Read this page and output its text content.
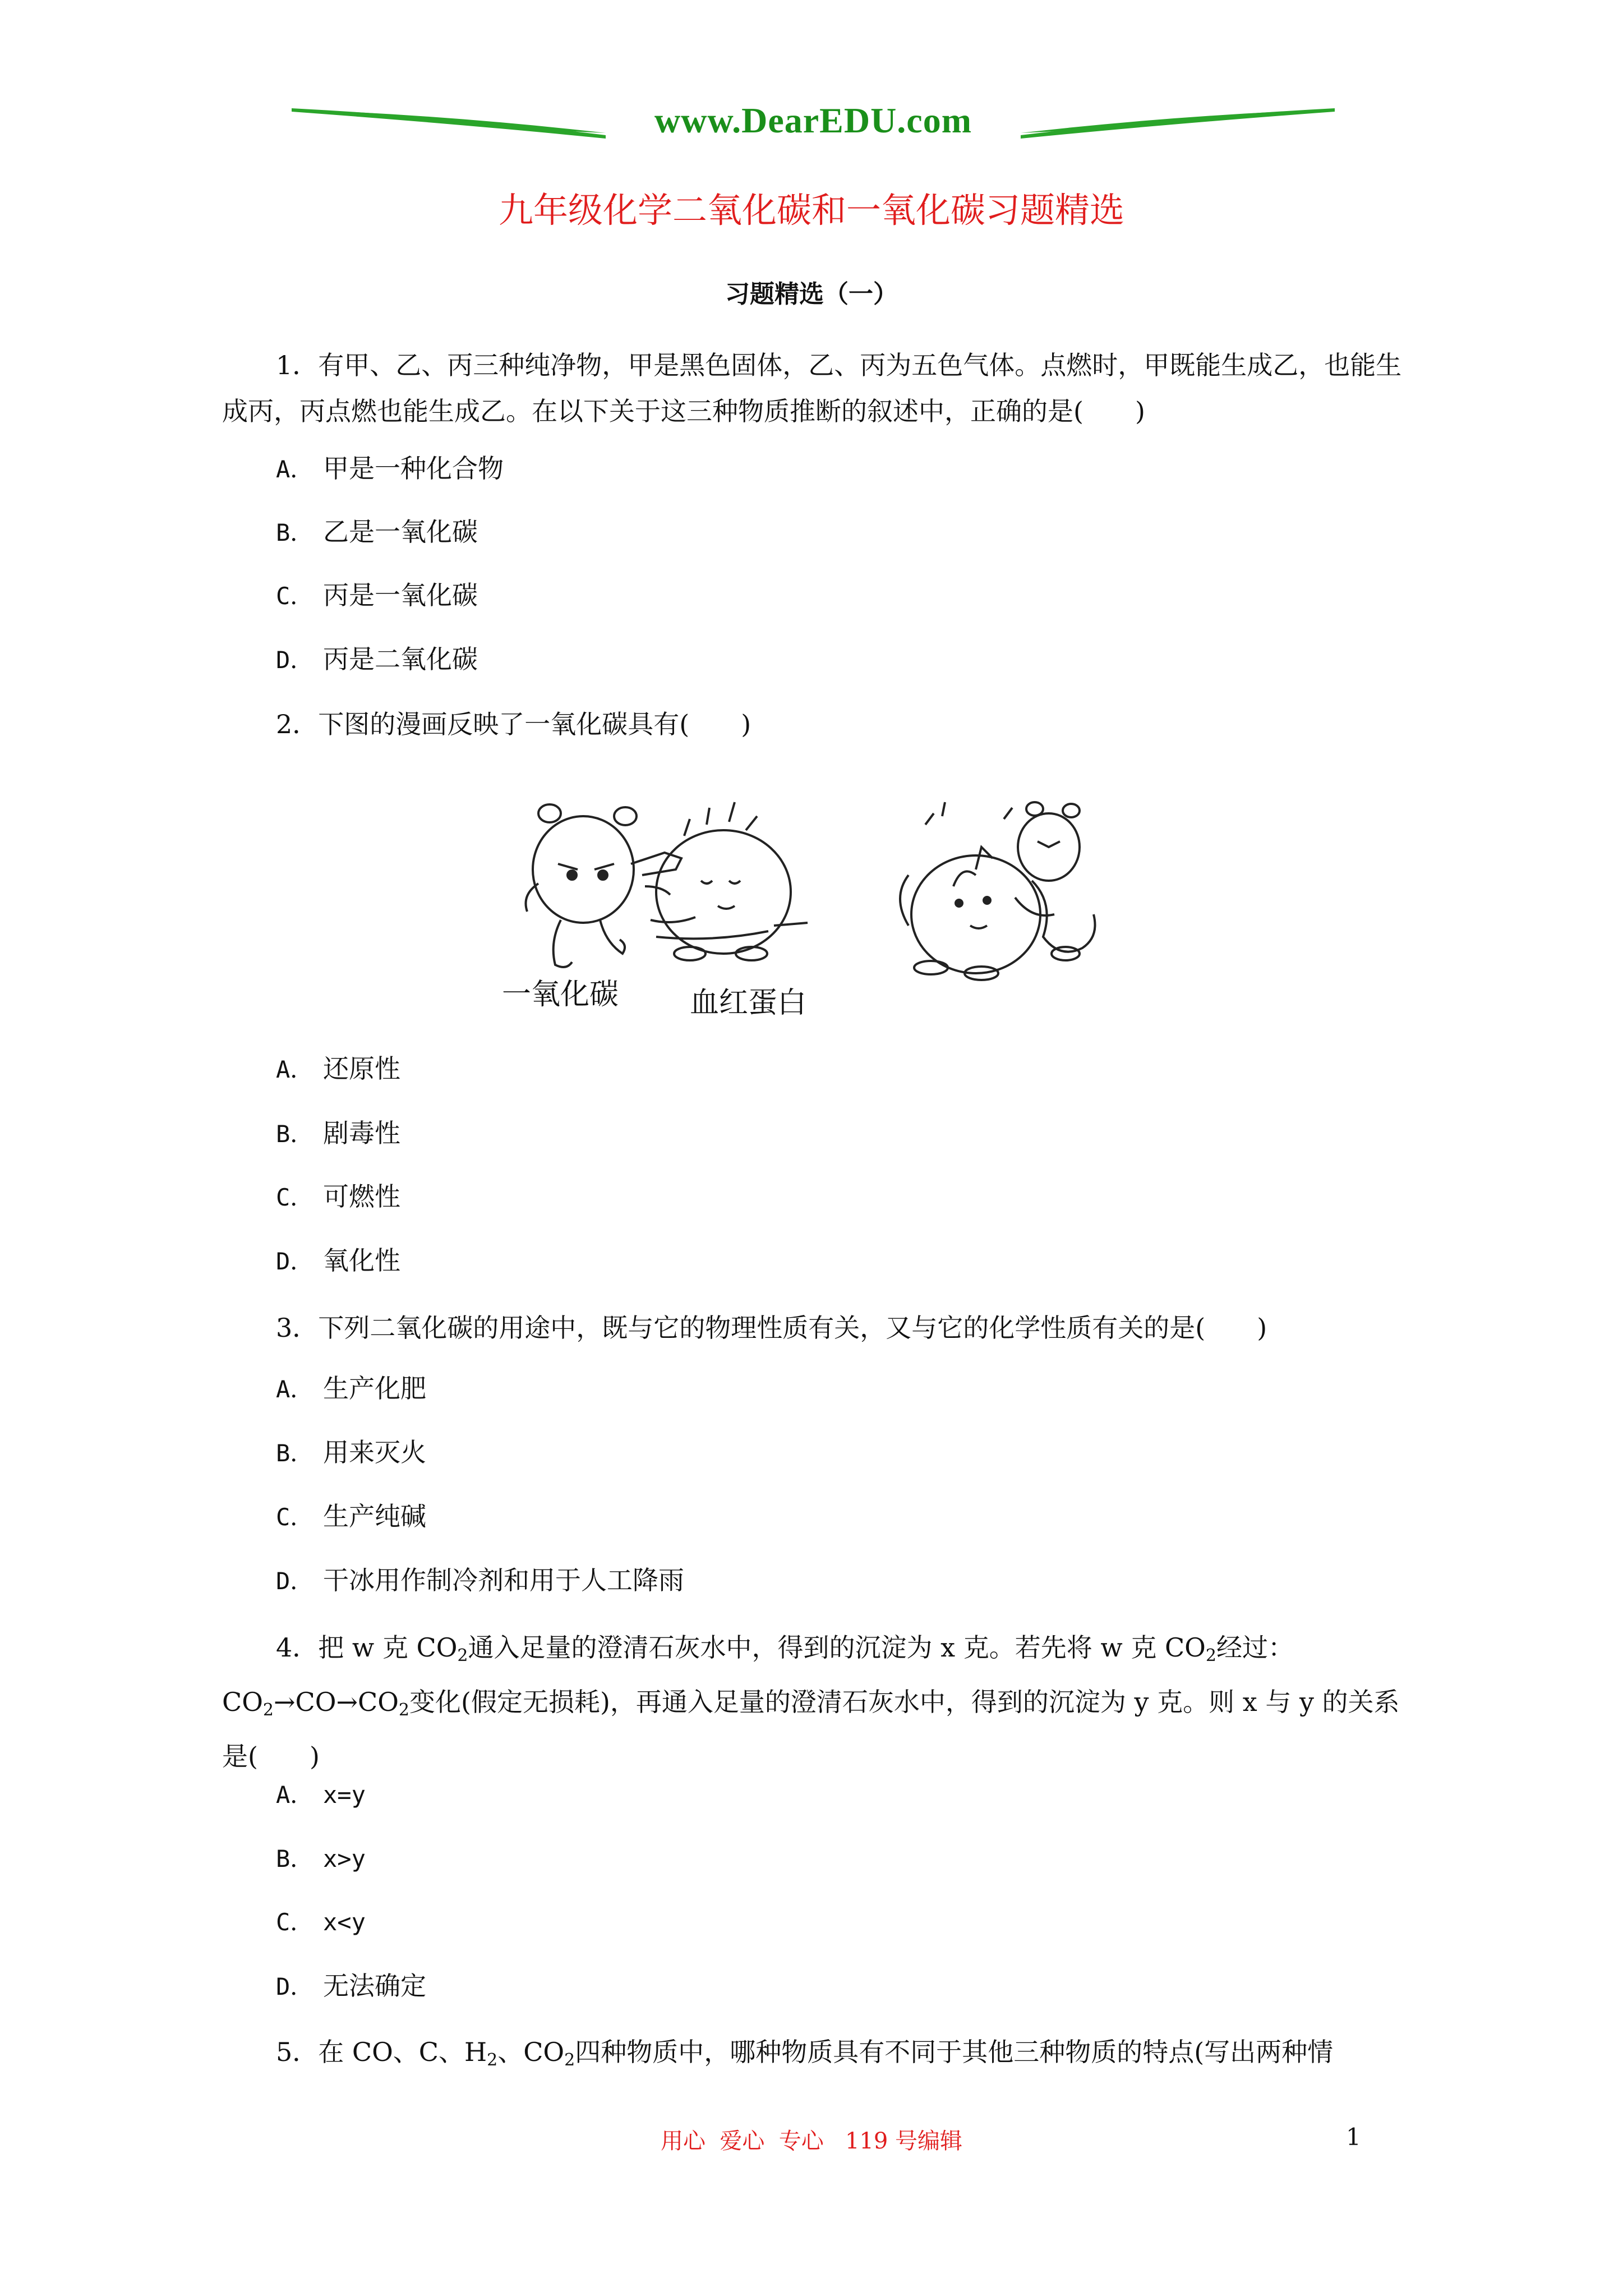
www.DearEDU.com
九年级化学二氧化碳和一氧化碳习题精选
习题精选（一）
1．有甲、乙、丙三种纯净物，甲是黑色固体，乙、丙为五色气体。点燃时，甲既能生成乙，也能生成丙，丙点燃也能生成乙。在以下关于这三种物质推断的叙述中，正确的是(　　)
A． 甲是一种化合物
B． 乙是一氧化碳
C． 丙是一氧化碳
D． 丙是二氧化碳
2．下图的漫画反映了一氧化碳具有(　　)
一氧化碳 血红蛋白
A． 还原性
B． 剧毒性
C． 可燃性
D． 氧化性
3．下列二氧化碳的用途中，既与它的物理性质有关，又与它的化学性质有关的是(　　)
A． 生产化肥
B． 用来灭火
C． 生产纯碱
D． 干冰用作制冷剂和用于人工降雨
4．把 w 克 $CO_2$通入足量的澄清石灰水中，得到的沉淀为 x 克。若先将 w 克 $CO_2$经过：$CO_2\to CO\to CO_2$变化(假定无损耗)，再通入足量的澄清石灰水中，得到的沉淀为 y 克。则 x 与 y 的关系是(　　)
A． x=y
B． x>y
C． x<y
D． 无法确定
5．在 CO、C、$H_2$、$CO_2$四种物质中，哪种物质具有不同于其他三种物质的特点(写出两种情
用心  爱心  专心   119 号编辑	1
